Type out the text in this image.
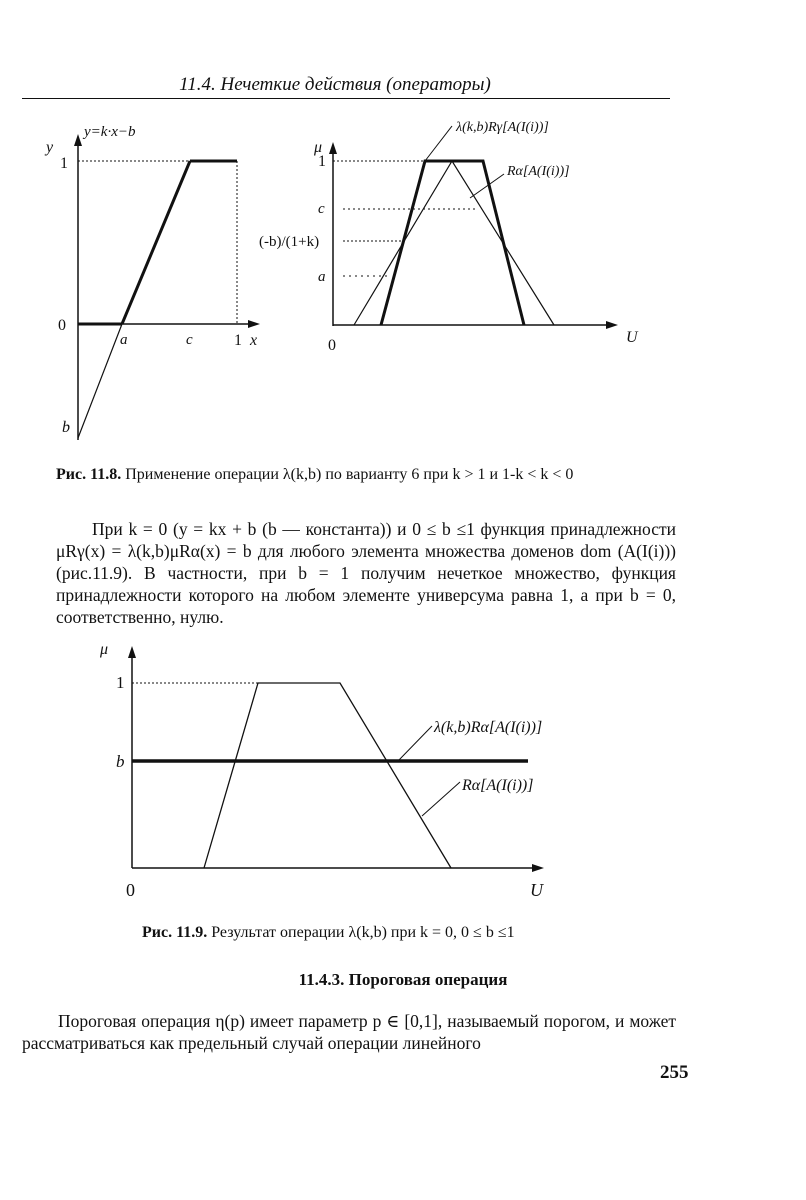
11.4. Нечеткие действия (операторы)
y=k·x−b
y
1
0
a	c	1 x
b
μ
1
c
(-b)/(1+k)
a
0	U
λ(k,b)Rγ[A(I(i))]
Rα[A(I(i))]
Рис. 11.8. Применение операции λ(k,b) по варианту 6 при k > 1 и 1-k < k < 0

При k = 0 (y = kx + b (b — константа)) и 0 ≤ b ≤1 функция принадлежности μRγ(x) = λ(k,b)μRα(x) = b для любого элемента множества доменов dom (A(I(i))) (рис.11.9). В частности, при b = 1 получим нечеткое множество, функция принадлежности которого на любом элементе универсума равна 1, а при b = 0, соответственно, нулю.

μ
1
b
0	U
λ(k,b)Rα[A(I(i))]
Rα[A(I(i))]
Рис. 11.9. Результат операции λ(k,b) при k = 0, 0 ≤ b ≤1
11.4.3. Пороговая операция

Пороговая операция η(p) имеет параметр p ∈ [0,1], называемый порогом, и может рассматриваться как предельный случай операции линейного

255
